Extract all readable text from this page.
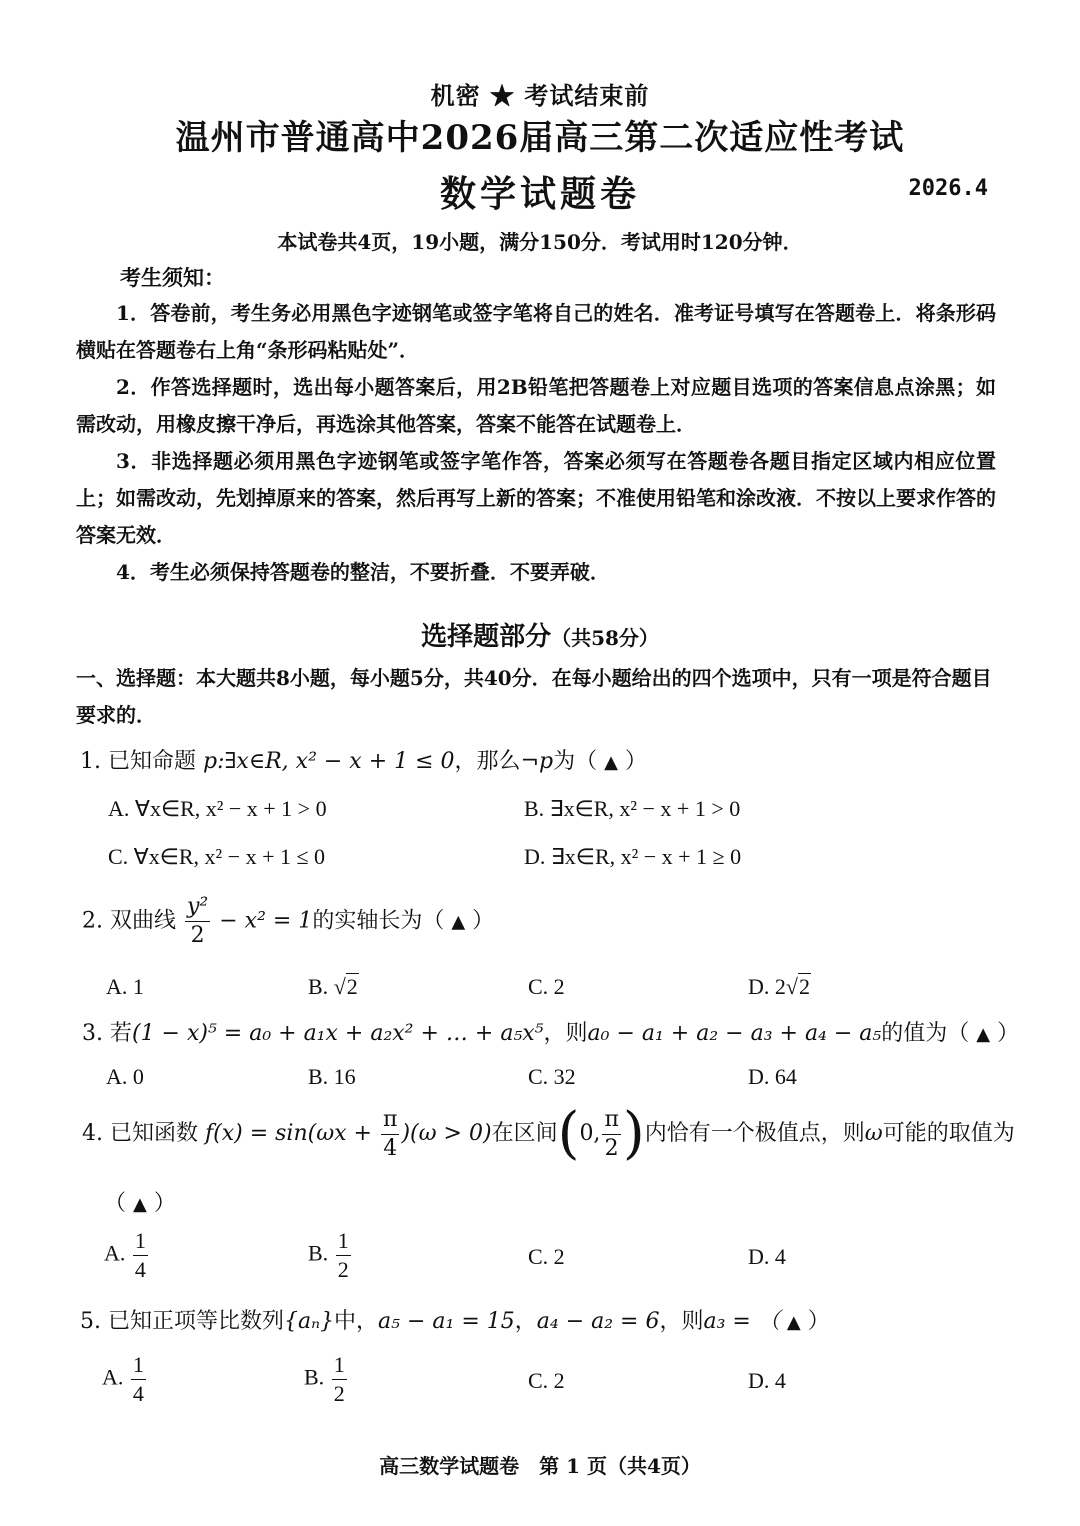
机密 ★ 考试结束前
温州市普通高中2026届高三第二次适应性考试
数学试题卷	2026.4
本试卷共4页，19小题，满分150分．考试用时120分钟．
考生须知：
1．答卷前，考生务必用黑色字迹钢笔或签字笔将自己的姓名．准考证号填写在答题卷上．将条形码横贴在答题卷右上角“条形码粘贴处”．
2．作答选择题时，选出每小题答案后，用2B铅笔把答题卷上对应题目选项的答案信息点涂黑；如需改动，用橡皮擦干净后，再选涂其他答案，答案不能答在试题卷上．
3．非选择题必须用黑色字迹钢笔或签字笔作答，答案必须写在答题卷各题目指定区域内相应位置上；如需改动，先划掉原来的答案，然后再写上新的答案；不准使用铅笔和涂改液．不按以上要求作答的答案无效．
4．考生必须保持答题卷的整洁，不要折叠．不要弄破．
选择题部分（共58分）
一、选择题：本大题共8小题，每小题5分，共40分．在每小题给出的四个选项中，只有一项是符合题目要求的．
1. 已知命题 p:∃x∈R, x² − x + 1 ≤ 0，那么¬p为（ ▲ ）
A. ∀x∈R, x² − x + 1 > 0	B. ∃x∈R, x² − x + 1 > 0
C. ∀x∈R, x² − x + 1 ≤ 0	D. ∃x∈R, x² − x + 1 ≥ 0
2. 双曲线 $\frac{\text{y²}}{2} - x^2 = 1$的实轴长为（ ▲ ）
A. 1	B. √2	C. 2	D. 2√2
3. 若(1 − x)⁵ = a₀ + a₁x + a₂x² + … + a₅x⁵，则a₀ − a₁ + a₂ − a₃ + a₄ − a₅的值为（ ▲ ）
A. 0	B. 16	C. 32	D. 64
4. 已知函数 $f(x) = \sin(\omega x + \frac{\pi}{4} )(\omega > 0)$在区间(0, $\frac{\pi}{2}$ )内恰有一个极值点，则ω可能的取值为
（ ▲ ）
A. $\frac{1}{4}$	B. $\frac{1}{2}$	C. 2	D. 4
5. 已知正项等比数列{aₙ}中，a₅ − a₁ = 15，a₄ − a₂ = 6，则a₃ = （ ▲ ）
A. $\frac{1}{4}$	B. $\frac{1}{2}$	C. 2	D. 4
高三数学试题卷　第 1 页（共4页）
